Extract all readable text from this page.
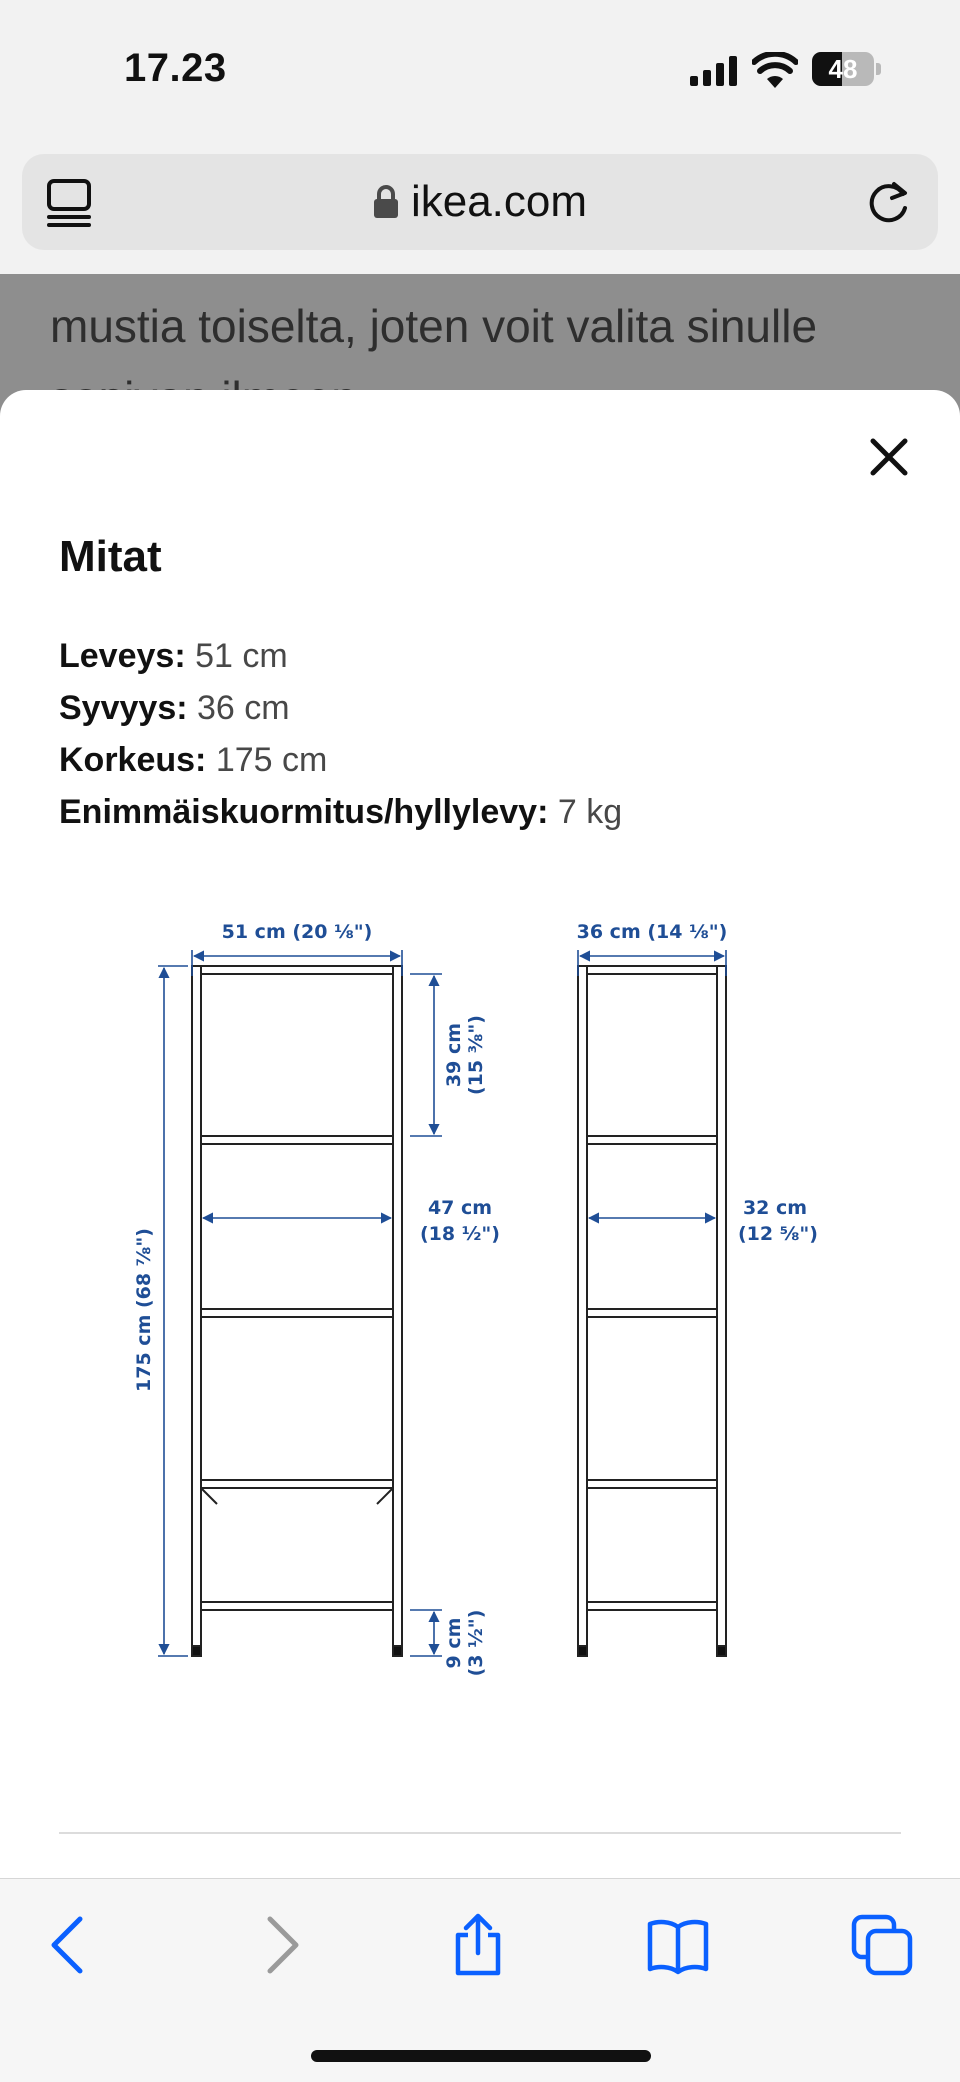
17.23	48
ikea.com

mustia toiselta, joten voit valita sinulle

Mitat
Leveys: 51 cm
Syvyys: 36 cm
Korkeus: 175 cm
Enimmäiskuormitus/hyllylevy: 7 kg
51 cm (20 ⅛")	36 cm (14 ⅛")
175 cm (68 ⅞")
39 cm (15 ⅜")
47 cm
(18 ½")
32 cm
(12 ⅝")
9 cm (3 ½")
